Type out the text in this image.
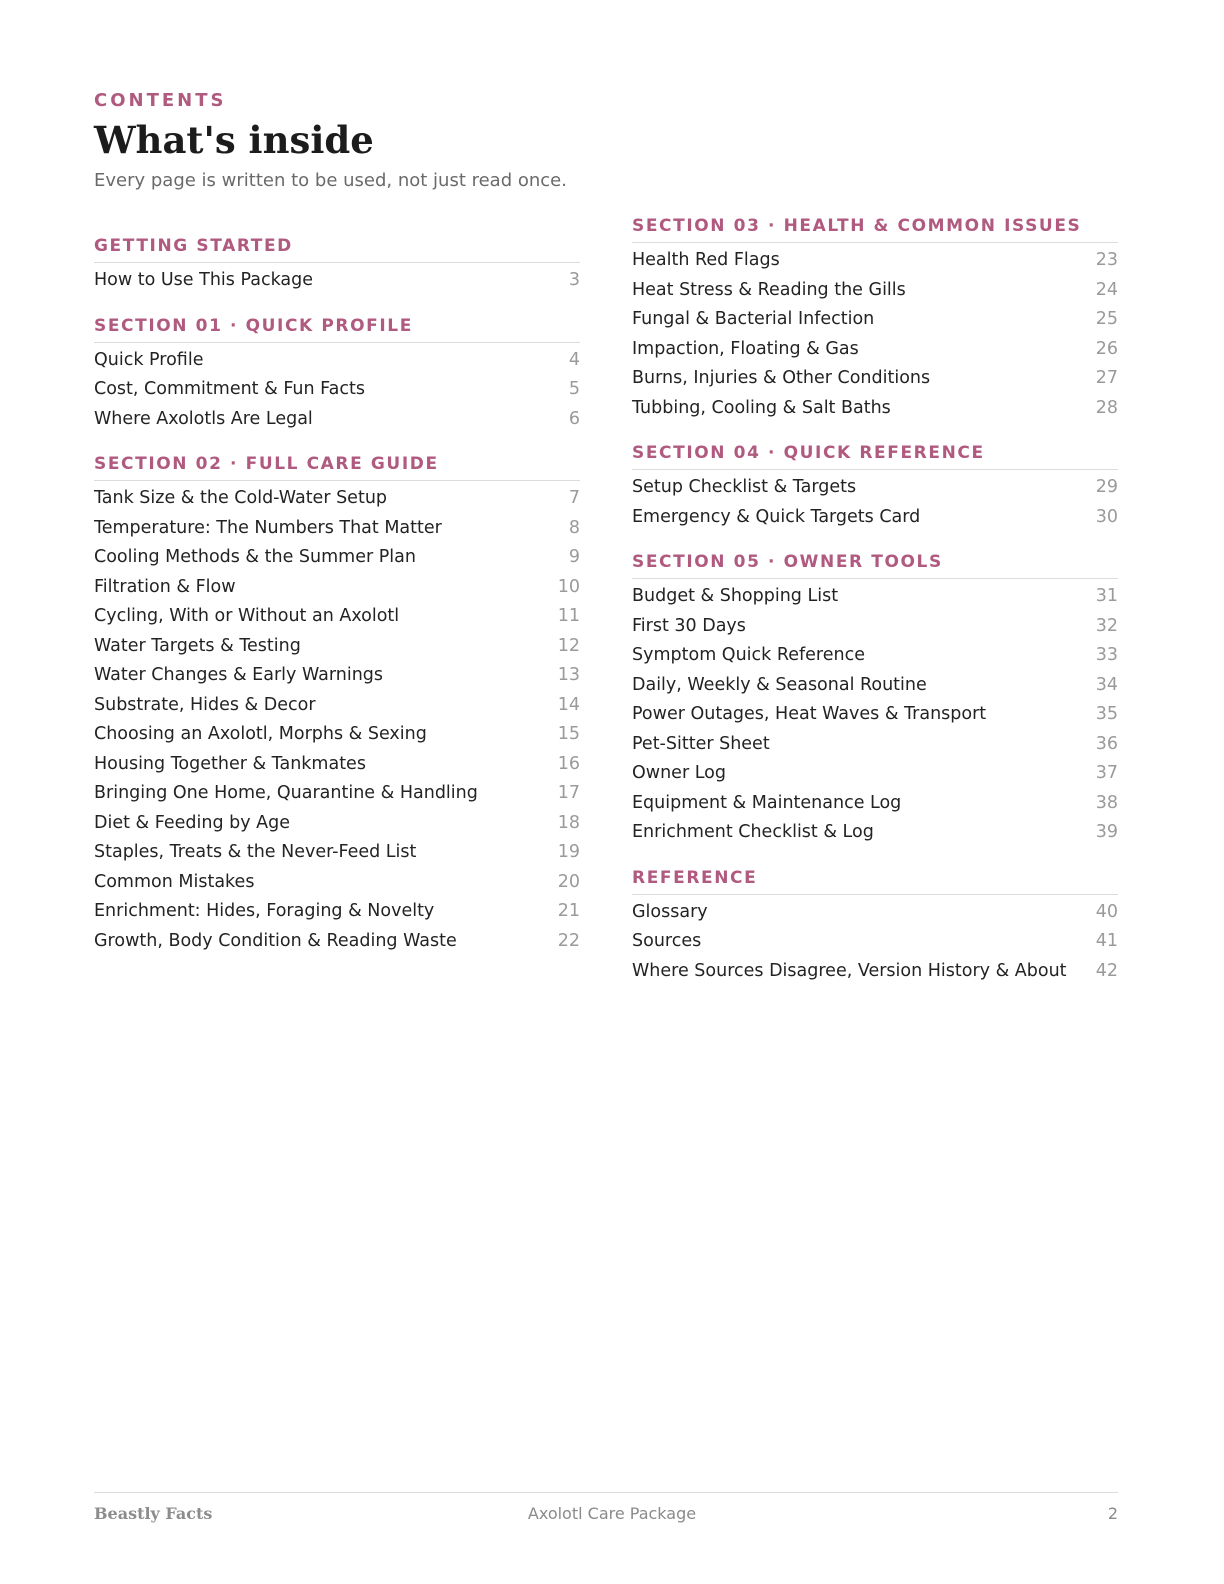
CONTENTS
What's inside
Every page is written to be used, not just read once.
GETTING STARTED
How to Use This Package	3
SECTION 01 · QUICK PROFILE
Quick Profile	4
Cost, Commitment & Fun Facts	5
Where Axolotls Are Legal	6
SECTION 02 · FULL CARE GUIDE
Tank Size & the Cold-Water Setup	7
Temperature: The Numbers That Matter	8
Cooling Methods & the Summer Plan	9
Filtration & Flow	10
Cycling, With or Without an Axolotl	11
Water Targets & Testing	12
Water Changes & Early Warnings	13
Substrate, Hides & Decor	14
Choosing an Axolotl, Morphs & Sexing	15
Housing Together & Tankmates	16
Bringing One Home, Quarantine & Handling	17
Diet & Feeding by Age	18
Staples, Treats & the Never-Feed List	19
Common Mistakes	20
Enrichment: Hides, Foraging & Novelty	21
Growth, Body Condition & Reading Waste	22
SECTION 03 · HEALTH & COMMON ISSUES
Health Red Flags	23
Heat Stress & Reading the Gills	24
Fungal & Bacterial Infection	25
Impaction, Floating & Gas	26
Burns, Injuries & Other Conditions	27
Tubbing, Cooling & Salt Baths	28
SECTION 04 · QUICK REFERENCE
Setup Checklist & Targets	29
Emergency & Quick Targets Card	30
SECTION 05 · OWNER TOOLS
Budget & Shopping List	31
First 30 Days	32
Symptom Quick Reference	33
Daily, Weekly & Seasonal Routine	34
Power Outages, Heat Waves & Transport	35
Pet-Sitter Sheet	36
Owner Log	37
Equipment & Maintenance Log	38
Enrichment Checklist & Log	39
REFERENCE
Glossary	40
Sources	41
Where Sources Disagree, Version History & About 42
Beastly Facts	Axolotl Care Package	2
